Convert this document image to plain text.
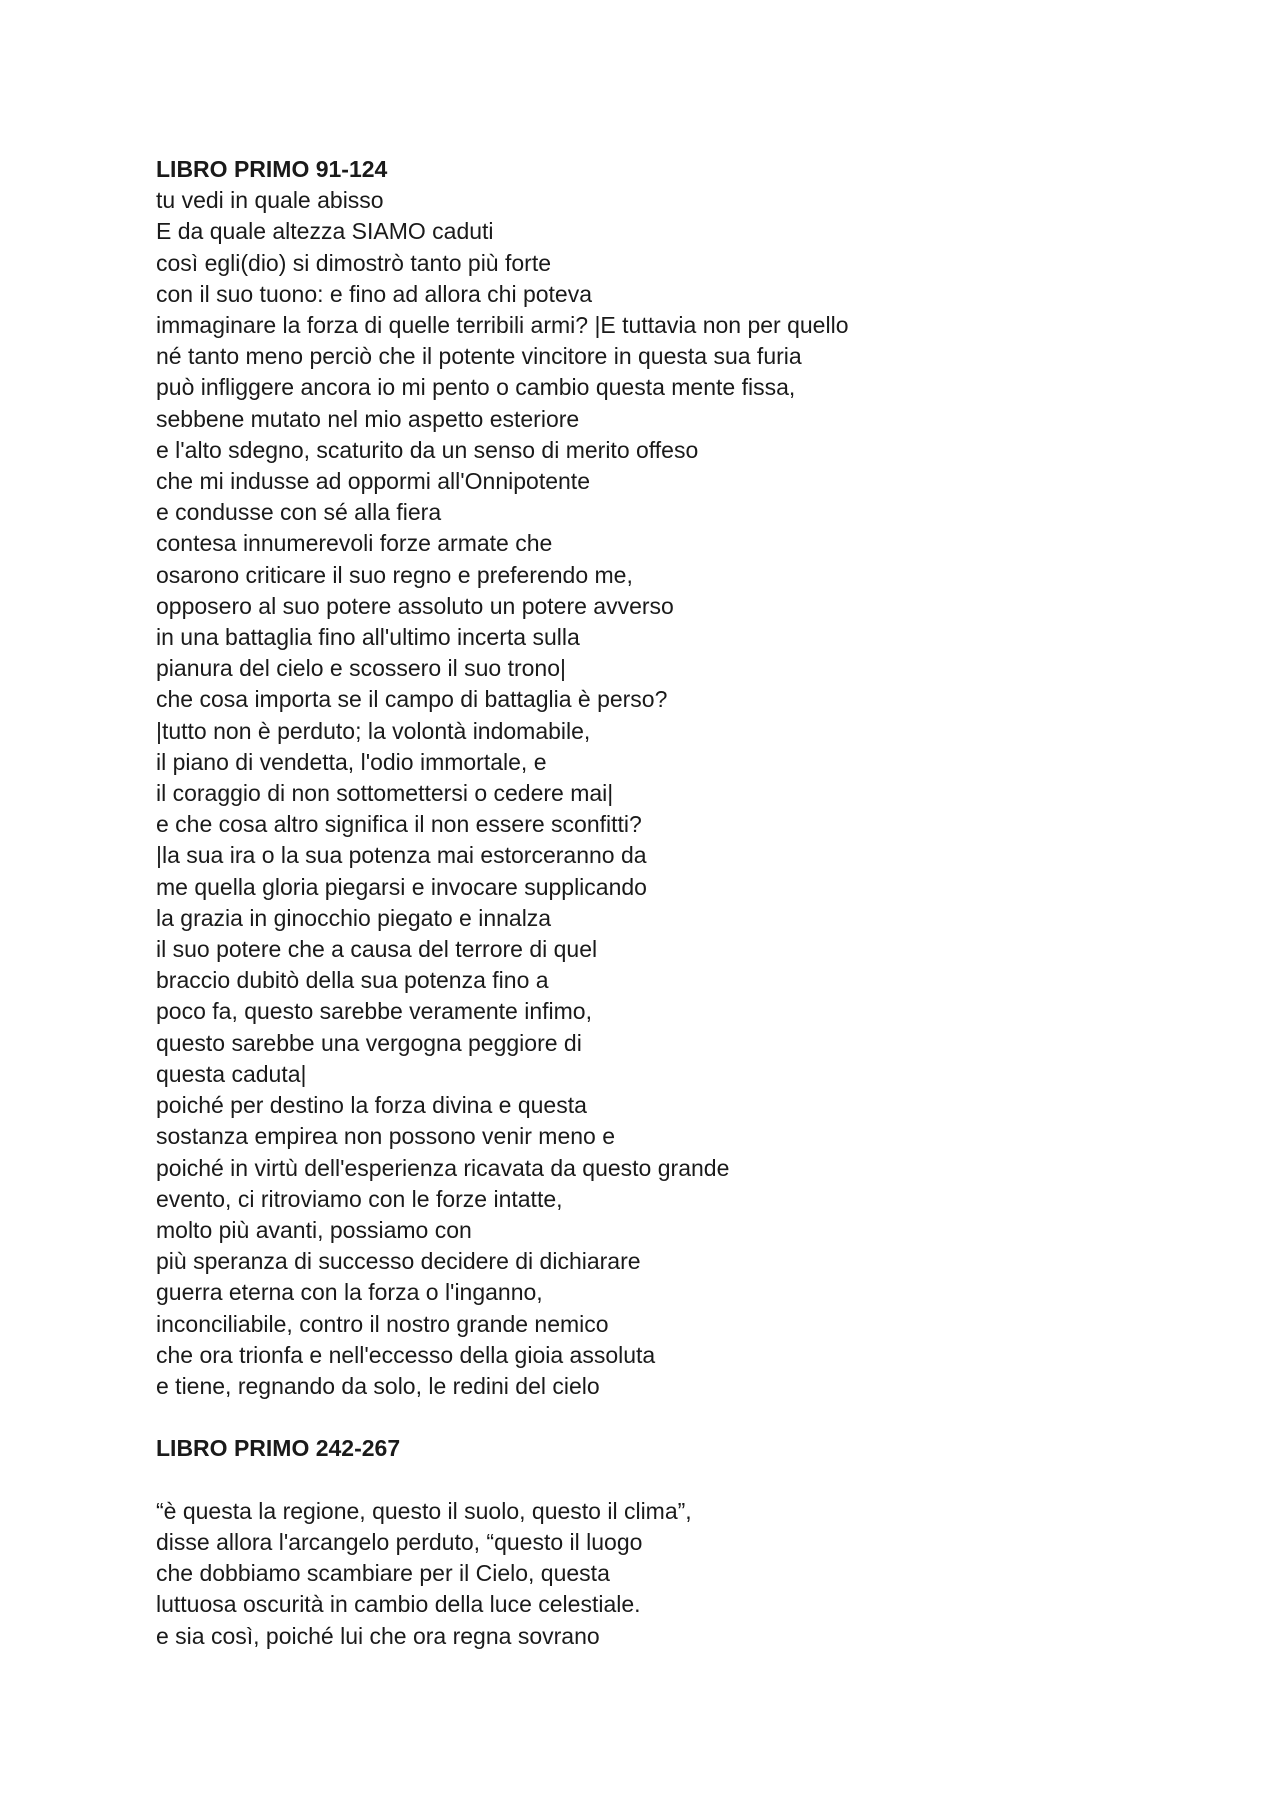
LIBRO PRIMO 91-124

tu vedi in quale abisso

E da quale altezza SIAMO caduti

così egli(dio) si dimostrò tanto più forte

con il suo tuono: e fino ad allora chi poteva

immaginare la forza di quelle terribili armi? |E tuttavia non per quello

né tanto meno perciò che il potente vincitore in questa sua furia

può infliggere ancora io mi pento o cambio questa mente fissa,

sebbene mutato nel mio aspetto esteriore

e l'alto sdegno, scaturito da un senso di merito offeso

che mi indusse ad oppormi all'Onnipotente

e condusse con sé alla fiera

contesa innumerevoli forze armate che

osarono criticare il suo regno e preferendo me,

opposero al suo potere assoluto un potere avverso

in una battaglia fino all'ultimo incerta sulla

pianura del cielo e scossero il suo trono|

che cosa importa se il campo di battaglia è perso?

|tutto non è perduto; la volontà indomabile,

il piano di vendetta, l'odio immortale, e

il coraggio di non sottomettersi o cedere mai|

e che cosa altro significa il non essere sconfitti?

|la sua ira o la sua potenza mai estorceranno da

me quella gloria piegarsi e invocare supplicando

la grazia in ginocchio piegato e innalza

il suo potere che a causa del terrore di quel

braccio dubitò della sua potenza fino a

poco fa, questo sarebbe veramente infimo,

questo sarebbe una vergogna peggiore di

questa caduta|

poiché per destino la forza divina e questa

sostanza empirea non possono venir meno e

poiché in virtù dell'esperienza ricavata da questo grande

evento, ci ritroviamo con le forze intatte,

molto più avanti, possiamo con

più speranza di successo decidere di dichiarare

guerra eterna con la forza o l'inganno,

inconciliabile, contro il nostro grande nemico

che ora trionfa e nell'eccesso della gioia assoluta

e tiene, regnando da solo, le redini del cielo

LIBRO PRIMO 242-267

“è questa la regione, questo il suolo, questo il clima”,

disse allora l'arcangelo perduto, “questo il luogo

che dobbiamo scambiare per il Cielo, questa

luttuosa oscurità in cambio della luce celestiale.

e sia così, poiché lui che ora regna sovrano
